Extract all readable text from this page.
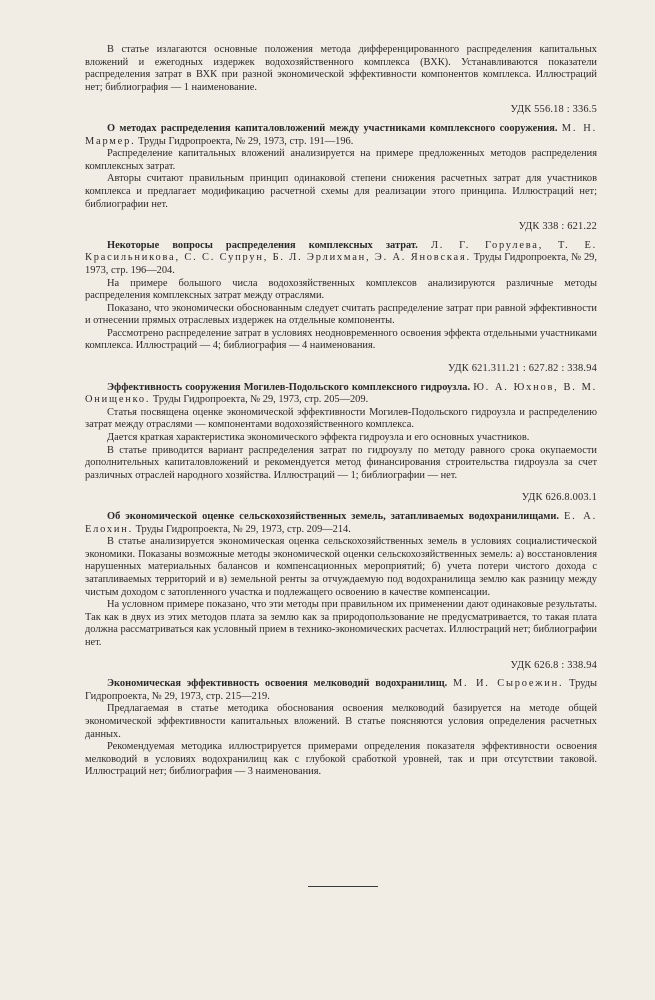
В статье излагаются основные положения метода дифференцированного распределения капитальных вложений и ежегодных издержек водохозяйственного комплекса (ВХК). Устанавливаются показатели распределения затрат в ВХК при разной экономической эффективности компонентов комплекса. Иллюстраций нет; библиография — 1 наименование.

УДК 556.18 : 336.5

О методах распределения капиталовложений между участниками комплексного сооружения. М. Н. Мармер. Труды Гидропроекта, № 29, 1973, стр. 191—196.

Распределение капитальных вложений анализируется на примере предложенных методов распределения комплексных затрат.

Авторы считают правильным принцип одинаковой степени снижения расчетных затрат для участников комплекса и предлагает модификацию расчетной схемы для реализации этого принципа. Иллюстраций нет; библиографии нет.

УДК 338 : 621.22

Некоторые вопросы распределения комплексных затрат. Л. Г. Горулева, Т. Е. Красильникова, С. С. Супрун, Б. Л. Эрлихман, Э. А. Яновская. Труды Гидропроекта, № 29, 1973, стр. 196—204.

На примере большого числа водохозяйственных комплексов анализируются различные методы распределения комплексных затрат между отраслями.

Показано, что экономически обоснованным следует считать распределение затрат при равной эффективности и отнесении прямых отраслевых издержек на отдельные компоненты.

Рассмотрено распределение затрат в условиях неодновременного освоения эффекта отдельными участниками комплекса. Иллюстраций — 4; библиография — 4 наименования.

УДК 621.311.21 : 627.82 : 338.94

Эффективность сооружения Могилев-Подольского комплексного гидроузла. Ю. А. Юхнов, В. М. Онищенко. Труды Гидропроекта, № 29, 1973, стр. 205—209.

Статья посвящена оценке экономической эффективности Могилев-Подольского гидроузла и распределению затрат между отраслями — компонентами водохозяйственного комплекса.

Дается краткая характеристика экономического эффекта гидроузла и его основных участников.

В статье приводится вариант распределения затрат по гидроузлу по методу равного срока окупаемости дополнительных капиталовложений и рекомендуется метод финансирования строительства гидроузла за счет различных отраслей народного хозяйства. Иллюстраций — 1; библиографии — нет.

УДК 626.8.003.1

Об экономической оценке сельскохозяйственных земель, затапливаемых водохранилищами. Е. А. Елохин. Труды Гидропроекта, № 29, 1973, стр. 209—214.

В статье анализируется экономическая оценка сельскохозяйственных земель в условиях социалистической экономики. Показаны возможные методы экономической оценки сельскохозяйственных земель: а) восстановления нарушенных материальных балансов и компенсационных мероприятий; б) учета потери чистого дохода с затапливаемых территорий и в) земельной ренты за отчуждаемую под водохранилища землю как разницу между чистым доходом с затопленного участка и подлежащего освоению в качестве компенсации.

На условном примере показано, что эти методы при правильном их применении дают одинаковые результаты. Так как в двух из этих методов плата за землю как за природопользование не предусматривается, то такая плата должна рассматриваться как условный прием в технико-экономических расчетах. Иллюстраций нет; библиографии нет.

УДК 626.8 : 338.94

Экономическая эффективность освоения мелководий водохранилищ. М. И. Сыроежин. Труды Гидропроекта, № 29, 1973, стр. 215—219.

Предлагаемая в статье методика обоснования освоения мелководий базируется на методе общей экономической эффективности капитальных вложений. В статье поясняются условия определения расчетных данных.

Рекомендуемая методика иллюстрируется примерами определения показателя эффективности освоения мелководий в условиях водохранилищ как с глубокой сработкой уровней, так и при отсутствии таковой. Иллюстраций нет; библиография — 3 наименования.
